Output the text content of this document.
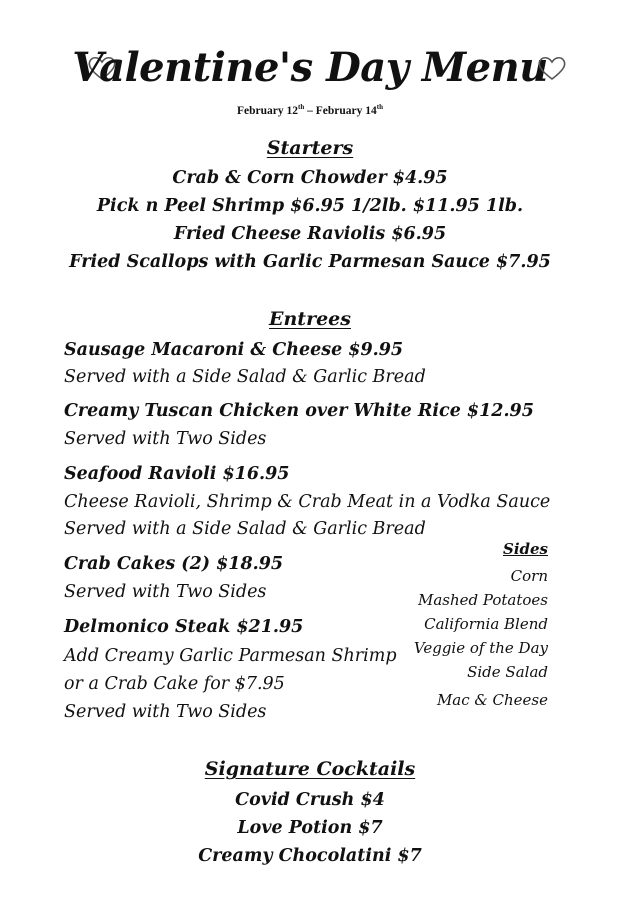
Valentine's Day Menu
February 12th – February 14th
Starters
Crab & Corn Chowder $4.95
Pick n Peel Shrimp $6.95 1/2lb. $11.95 1lb.
Fried Cheese Raviolis $6.95
Fried Scallops with Garlic Parmesan Sauce $7.95
Entrees
Sausage Macaroni & Cheese $9.95
Served with a Side Salad & Garlic Bread
Creamy Tuscan Chicken over White Rice $12.95
Served with Two Sides
Seafood Ravioli $16.95
Cheese Ravioli, Shrimp & Crab Meat in a Vodka Sauce
Served with a Side Salad & Garlic Bread
Crab Cakes (2) $18.95
Served with Two Sides
Delmonico Steak $21.95
Add Creamy Garlic Parmesan Shrimp
or a Crab Cake for $7.95
Served with Two Sides
Sides
Corn
Mashed Potatoes
California Blend
Veggie of the Day
Side Salad
Mac & Cheese
Signature Cocktails
Covid Crush $4
Love Potion $7
Creamy Chocolatini $7
